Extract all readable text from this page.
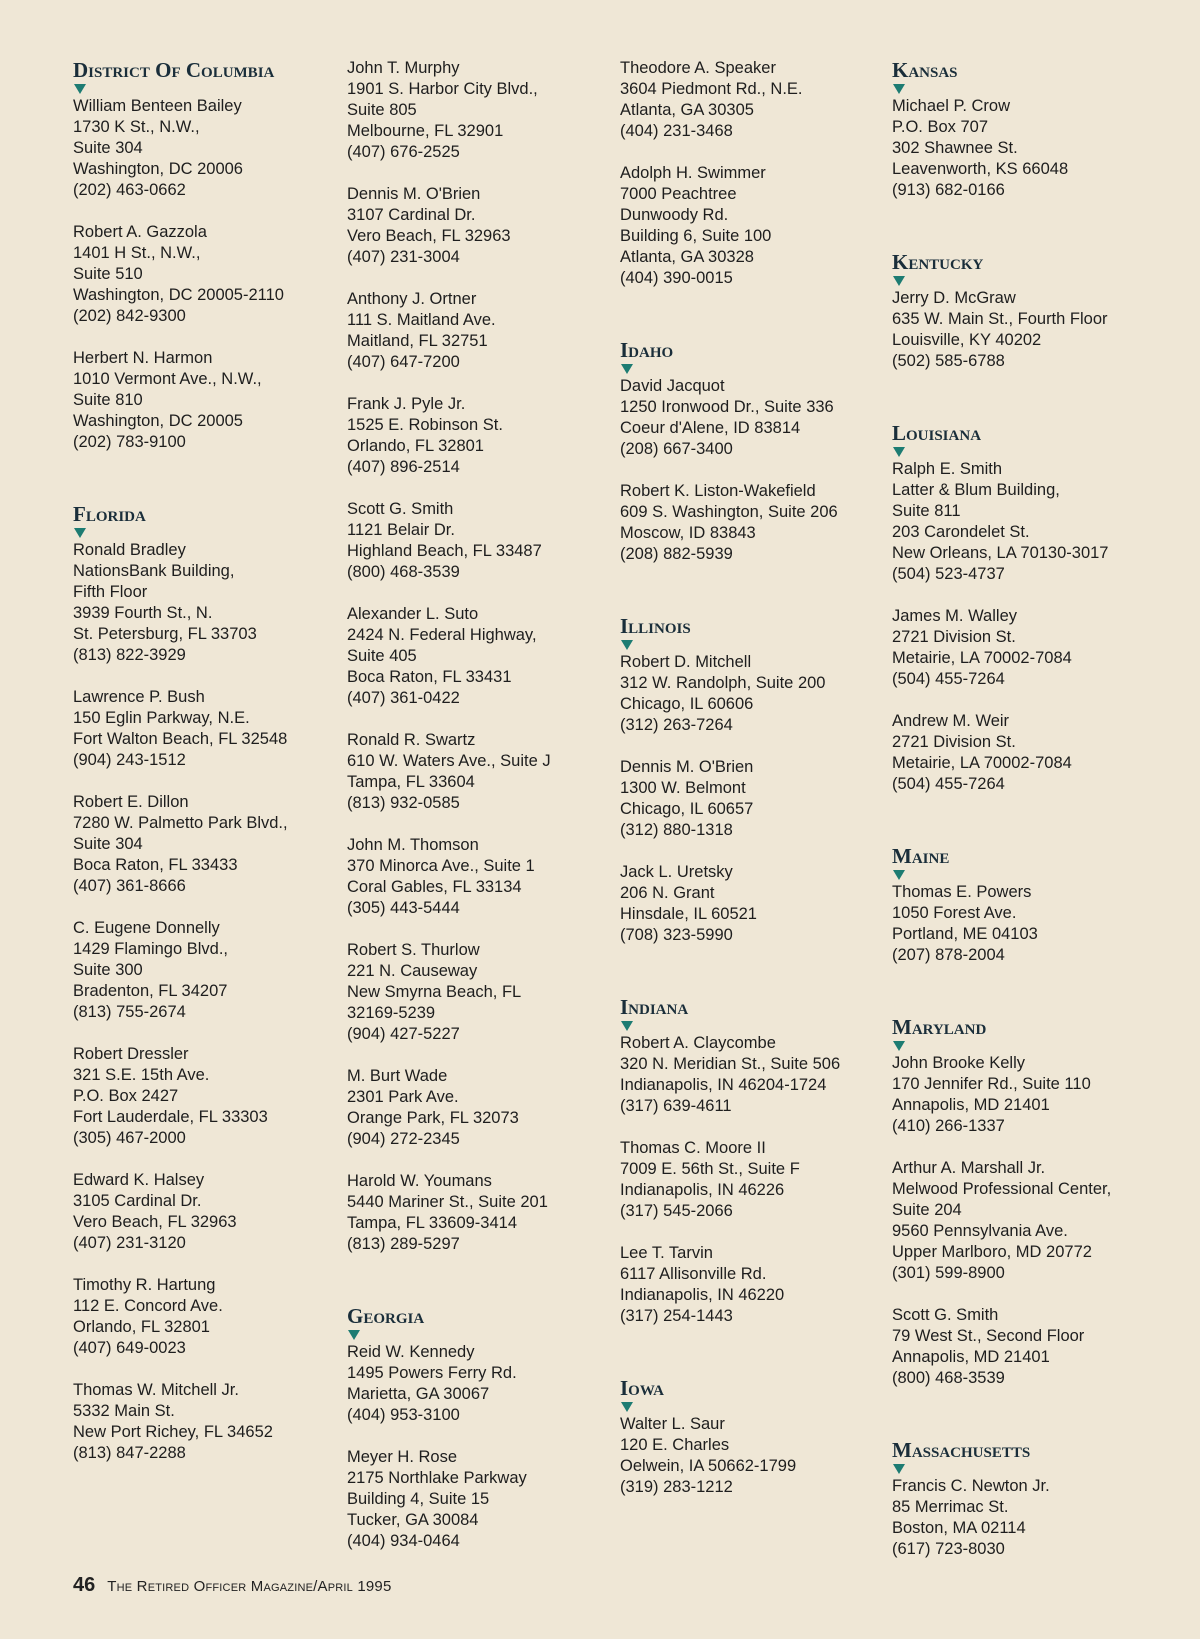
District Of Columbia
William Benteen Bailey
1730 K St., N.W.,
Suite 304
Washington, DC 20006
(202) 463-0662
Robert A. Gazzola
1401 H St., N.W.,
Suite 510
Washington, DC 20005-2110
(202) 842-9300
Herbert N. Harmon
1010 Vermont Ave., N.W.,
Suite 810
Washington, DC 20005
(202) 783-9100
Florida
Ronald Bradley
NationsBank Building,
Fifth Floor
3939 Fourth St., N.
St. Petersburg, FL 33703
(813) 822-3929
Lawrence P. Bush
150 Eglin Parkway, N.E.
Fort Walton Beach, FL 32548
(904) 243-1512
Robert E. Dillon
7280 W. Palmetto Park Blvd.,
Suite 304
Boca Raton, FL 33433
(407) 361-8666
C. Eugene Donnelly
1429 Flamingo Blvd.,
Suite 300
Bradenton, FL 34207
(813) 755-2674
Robert Dressler
321 S.E. 15th Ave.
P.O. Box 2427
Fort Lauderdale, FL 33303
(305) 467-2000
Edward K. Halsey
3105 Cardinal Dr.
Vero Beach, FL 32963
(407) 231-3120
Timothy R. Hartung
112 E. Concord Ave.
Orlando, FL 32801
(407) 649-0023
Thomas W. Mitchell Jr.
5332 Main St.
New Port Richey, FL 34652
(813) 847-2288
John T. Murphy
1901 S. Harbor City Blvd.,
Suite 805
Melbourne, FL 32901
(407) 676-2525
Dennis M. O'Brien
3107 Cardinal Dr.
Vero Beach, FL 32963
(407) 231-3004
Anthony J. Ortner
111 S. Maitland Ave.
Maitland, FL 32751
(407) 647-7200
Frank J. Pyle Jr.
1525 E. Robinson St.
Orlando, FL 32801
(407) 896-2514
Scott G. Smith
1121 Belair Dr.
Highland Beach, FL 33487
(800) 468-3539
Alexander L. Suto
2424 N. Federal Highway,
Suite 405
Boca Raton, FL 33431
(407) 361-0422
Ronald R. Swartz
610 W. Waters Ave., Suite J
Tampa, FL 33604
(813) 932-0585
John M. Thomson
370 Minorca Ave., Suite 1
Coral Gables, FL 33134
(305) 443-5444
Robert S. Thurlow
221 N. Causeway
New Smyrna Beach, FL
32169-5239
(904) 427-5227
M. Burt Wade
2301 Park Ave.
Orange Park, FL 32073
(904) 272-2345
Harold W. Youmans
5440 Mariner St., Suite 201
Tampa, FL 33609-3414
(813) 289-5297
Georgia
Reid W. Kennedy
1495 Powers Ferry Rd.
Marietta, GA 30067
(404) 953-3100
Meyer H. Rose
2175 Northlake Parkway
Building 4, Suite 15
Tucker, GA 30084
(404) 934-0464
Theodore A. Speaker
3604 Piedmont Rd., N.E.
Atlanta, GA 30305
(404) 231-3468
Adolph H. Swimmer
7000 Peachtree
Dunwoody Rd.
Building 6, Suite 100
Atlanta, GA 30328
(404) 390-0015
Idaho
David Jacquot
1250 Ironwood Dr., Suite 336
Coeur d'Alene, ID 83814
(208) 667-3400
Robert K. Liston-Wakefield
609 S. Washington, Suite 206
Moscow, ID 83843
(208) 882-5939
Illinois
Robert D. Mitchell
312 W. Randolph, Suite 200
Chicago, IL 60606
(312) 263-7264
Dennis M. O'Brien
1300 W. Belmont
Chicago, IL 60657
(312) 880-1318
Jack L. Uretsky
206 N. Grant
Hinsdale, IL 60521
(708) 323-5990
Indiana
Robert A. Claycombe
320 N. Meridian St., Suite 506
Indianapolis, IN 46204-1724
(317) 639-4611
Thomas C. Moore II
7009 E. 56th St., Suite F
Indianapolis, IN 46226
(317) 545-2066
Lee T. Tarvin
6117 Allisonville Rd.
Indianapolis, IN 46220
(317) 254-1443
Iowa
Walter L. Saur
120 E. Charles
Oelwein, IA 50662-1799
(319) 283-1212
Kansas
Michael P. Crow
P.O. Box 707
302 Shawnee St.
Leavenworth, KS 66048
(913) 682-0166
Kentucky
Jerry D. McGraw
635 W. Main St., Fourth Floor
Louisville, KY 40202
(502) 585-6788
Louisiana
Ralph E. Smith
Latter & Blum Building,
Suite 811
203 Carondelet St.
New Orleans, LA 70130-3017
(504) 523-4737
James M. Walley
2721 Division St.
Metairie, LA 70002-7084
(504) 455-7264
Andrew M. Weir
2721 Division St.
Metairie, LA 70002-7084
(504) 455-7264
Maine
Thomas E. Powers
1050 Forest Ave.
Portland, ME 04103
(207) 878-2004
Maryland
John Brooke Kelly
170 Jennifer Rd., Suite 110
Annapolis, MD 21401
(410) 266-1337
Arthur A. Marshall Jr.
Melwood Professional Center,
Suite 204
9560 Pennsylvania Ave.
Upper Marlboro, MD 20772
(301) 599-8900
Scott G. Smith
79 West St., Second Floor
Annapolis, MD 21401
(800) 468-3539
Massachusetts
Francis C. Newton Jr.
85 Merrimac St.
Boston, MA 02114
(617) 723-8030
46 The Retired Officer Magazine/April 1995
